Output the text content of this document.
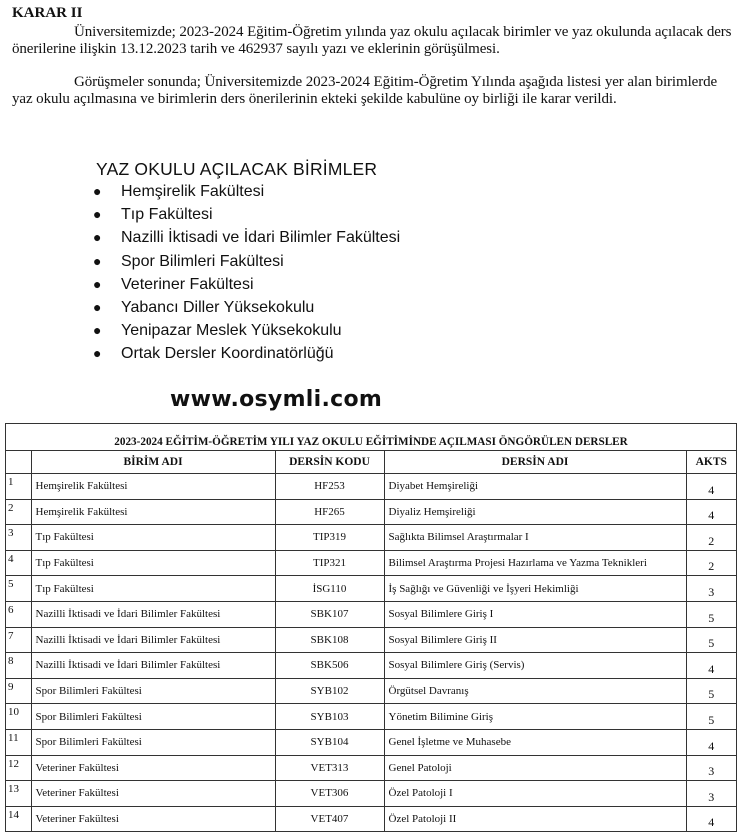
KARAR II
Üniversitemizde; 2023-2024 Eğitim-Öğretim yılında yaz okulu açılacak birimler ve yaz okulunda açılacak ders önerilerine ilişkin 13.12.2023 tarih ve 462937 sayılı yazı ve eklerinin görüşülmesi.
Görüşmeler sonunda; Üniversitemizde 2023-2024 Eğitim-Öğretim Yılında aşağıda listesi yer alan birimlerde yaz okulu açılmasına ve birimlerin ders önerilerinin ekteki şekilde kabulüne oy birliği ile karar verildi.
YAZ OKULU AÇILACAK BİRİMLER
● Hemşirelik Fakültesi
● Tıp Fakültesi
● Nazilli İktisadi ve İdari Bilimler Fakültesi
● Spor Bilimleri Fakültesi
● Veteriner Fakültesi
● Yabancı Diller Yüksekokulu
● Yenipazar Meslek Yüksekokulu
● Ortak Dersler Koordinatörlüğü
www.osymli.com
2023-2024 EĞİTİM-ÖĞRETİM YILI YAZ OKULU EĞİTİMİNDE AÇILMASI ÖNGÖRÜLEN DERSLER
	BİRİM ADI	DERSİN KODU	DERSİN ADI	AKTS
1	Hemşirelik Fakültesi	HF253	Diyabet Hemşireliği	4
2	Hemşirelik Fakültesi	HF265	Diyaliz Hemşireliği	4
3	Tıp Fakültesi	TIP319	Sağlıkta Bilimsel Araştırmalar I	2
4	Tıp Fakültesi	TIP321	Bilimsel Araştırma Projesi Hazırlama ve Yazma Teknikleri	2
5	Tıp Fakültesi	İSG110	İş Sağlığı ve Güvenliği ve İşyeri Hekimliği	3
6	Nazilli İktisadi ve İdari Bilimler Fakültesi	SBK107	Sosyal Bilimlere Giriş I	5
7	Nazilli İktisadi ve İdari Bilimler Fakültesi	SBK108	Sosyal Bilimlere Giriş II	5
8	Nazilli İktisadi ve İdari Bilimler Fakültesi	SBK506	Sosyal Bilimlere Giriş (Servis)	4
9	Spor Bilimleri Fakültesi	SYB102	Örgütsel Davranış	5
10	Spor Bilimleri Fakültesi	SYB103	Yönetim Bilimine Giriş	5
11	Spor Bilimleri Fakültesi	SYB104	Genel İşletme ve Muhasebe	4
12	Veteriner Fakültesi	VET313	Genel Patoloji	3
13	Veteriner Fakültesi	VET306	Özel Patoloji I	3
14	Veteriner Fakültesi	VET407	Özel Patoloji II	4
